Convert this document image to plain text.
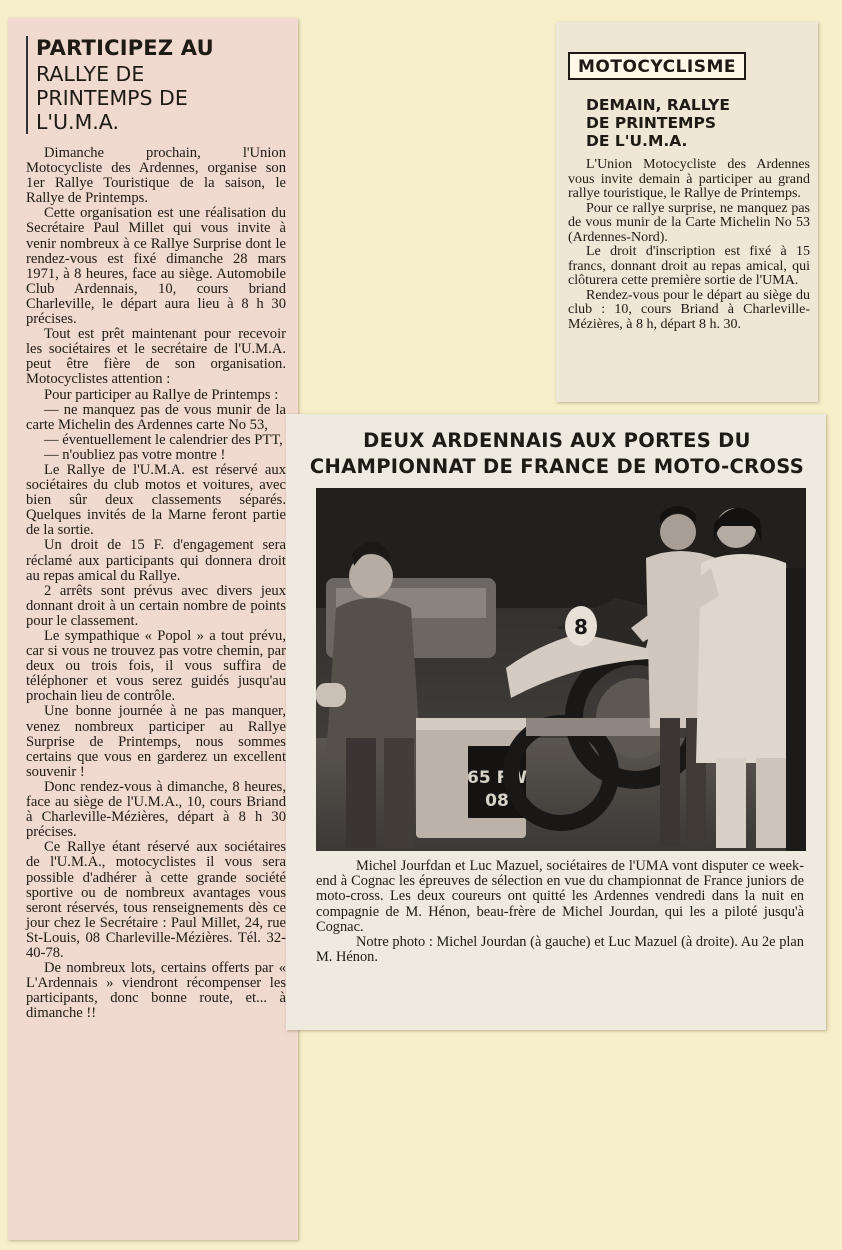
PARTICIPEZ AU
RALLYE DE
PRINTEMPS DE
L'U.M.A.

Dimanche prochain, l'Union Motocycliste des Ardennes, organise son 1er Rallye Touristique de la saison, le Rallye de Printemps.

Cette organisation est une réalisation du Secrétaire Paul Millet qui vous invite à venir nombreux à ce Rallye Surprise dont le rendez-vous est fixé dimanche 28 mars 1971, à 8 heures, face au siège. Automobile Club Ardennais, 10, cours briand Charleville, le départ aura lieu à 8 h 30 précises.

Tout est prêt maintenant pour recevoir les sociétaires et le secrétaire de l'U.M.A. peut être fière de son organisation. Motocyclistes attention :

Pour participer au Rallye de Printemps :

— ne manquez pas de vous munir de la carte Michelin des Ardennes carte No 53,

— éventuellement le calendrier des PTT,

— n'oubliez pas votre montre !

Le Rallye de l'U.M.A. est réservé aux sociétaires du club motos et voitures, avec bien sûr deux classements séparés. Quelques invités de la Marne feront partie de la sortie.

Un droit de 15 F. d'engagement sera réclamé aux participants qui donnera droit au repas amical du Rallye.

2 arrêts sont prévus avec divers jeux donnant droit à un certain nombre de points pour le classement.

Le sympathique « Popol » a tout prévu, car si vous ne trouvez pas votre chemin, par deux ou trois fois, il vous suffira de téléphoner et vous serez guidés jusqu'au prochain lieu de contrôle.

Une bonne journée à ne pas manquer, venez nombreux participer au Rallye Surprise de Printemps, nous sommes certains que vous en garderez un excellent souvenir !

Donc rendez-vous à dimanche, 8 heures, face au siège de l'U.M.A., 10, cours Briand à Charleville-Mézières, départ à 8 h 30 précises.

Ce Rallye étant réservé aux sociétaires de l'U.M.A., motocyclistes il vous sera possible d'adhérer à cette grande société sportive ou de nombreux avantages vous seront réservés, tous renseignements dès ce jour chez le Secrétaire : Paul Millet, 24, rue St-Louis, 08 Charleville-Mézières. Tél. 32-40-78.

De nombreux lots, certains offerts par « L'Ardennais » viendront récompenser les participants, donc bonne route, et... à dimanche !!

MOTOCYCLISME
DEMAIN, RALLYE
DE PRINTEMPS
DE L'U.M.A.

L'Union Motocycliste des Ardennes vous invite demain à participer au grand rallye touristique, le Rallye de Printemps.

Pour ce rallye surprise, ne manquez pas de vous munir de la Carte Michelin No 53 (Ardennes-Nord).

Le droit d'inscription est fixé à 15 francs, donnant droit au repas amical, qui clôturera cette première sortie de l'UMA.

Rendez-vous pour le départ au siège du club : 10, cours Briand à Charleville-Mézières, à 8 h, départ 8 h. 30.

DEUX ARDENNAIS AUX PORTES DU
CHAMPIONNAT DE FRANCE DE MOTO-CROSS
65 FW
08
8

Michel Jourfdan et Luc Mazuel, sociétaires de l'UMA vont disputer ce week-end à Cognac les épreuves de sélection en vue du championnat de France juniors de moto-cross. Les deux coureurs ont quitté les Ardennes vendredi dans la nuit en compagnie de M. Hénon, beau-frère de Michel Jourdan, qui les a piloté jusqu'à Cognac.

Notre photo : Michel Jourdan (à gauche) et Luc Mazuel (à droite). Au 2e plan M. Hénon.
